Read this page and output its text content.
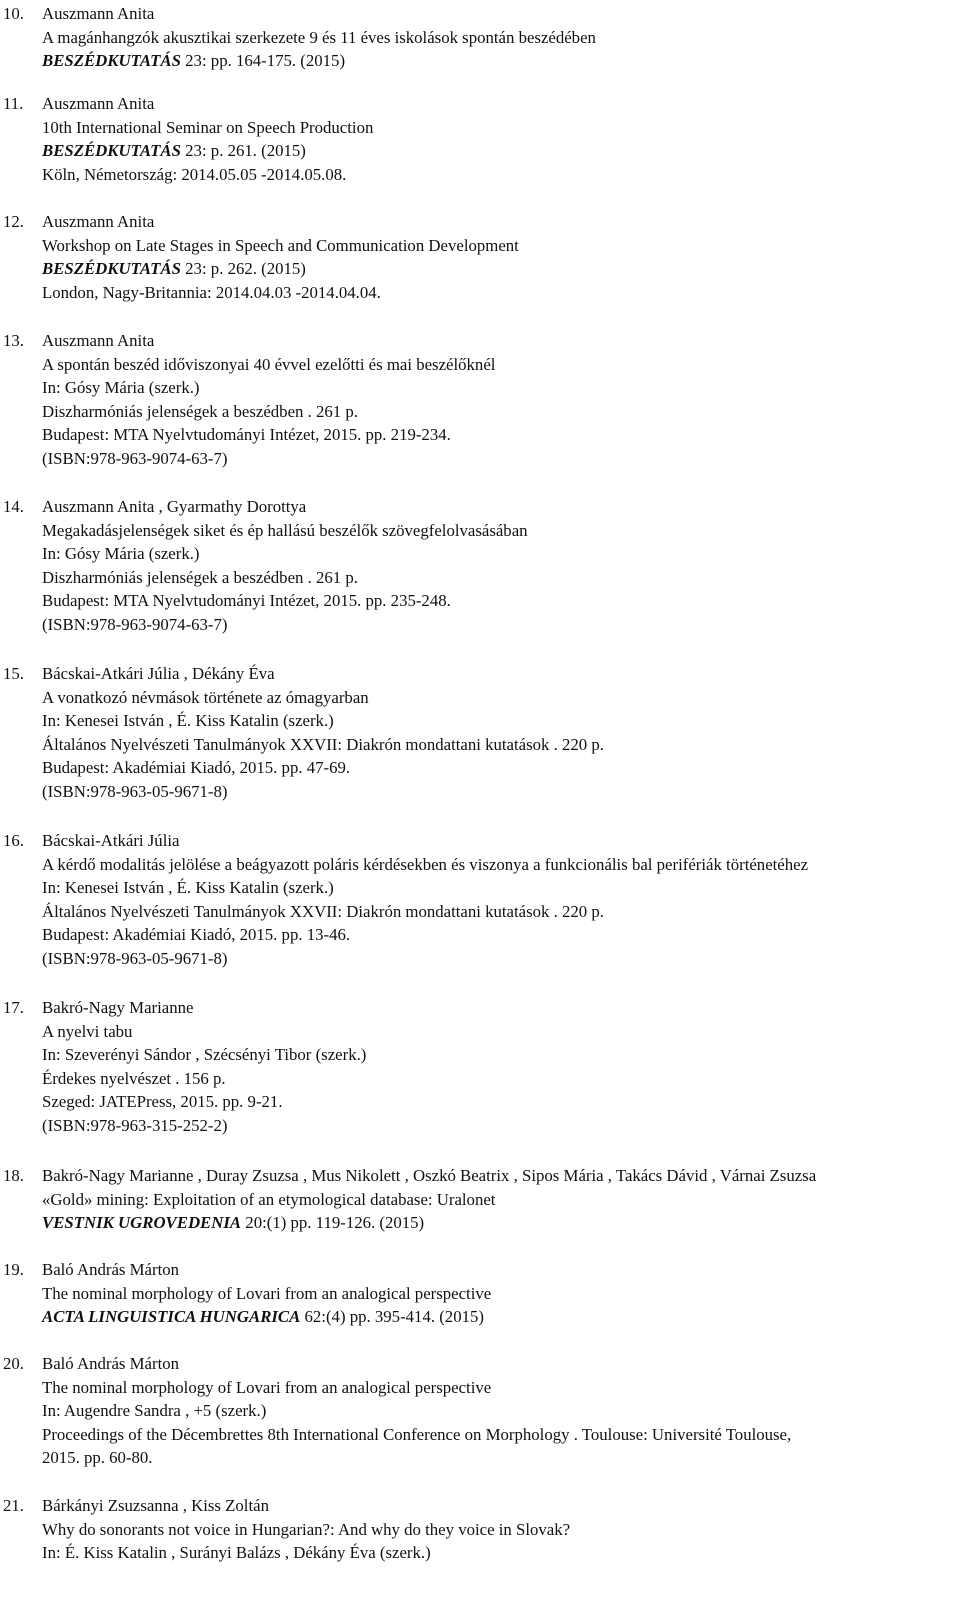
10.	Auszmann Anita
A magánhangzók akusztikai szerkezete 9 és 11 éves iskolások spontán beszédében
BESZÉDKUTATÁS 23: pp. 164-175. (2015)
11.	Auszmann Anita
10th International Seminar on Speech Production
BESZÉDKUTATÁS 23: p. 261. (2015)
Köln, Németország: 2014.05.05 -2014.05.08.
12.	Auszmann Anita
Workshop on Late Stages in Speech and Communication Development
BESZÉDKUTATÁS 23: p. 262. (2015)
London, Nagy-Britannia: 2014.04.03 -2014.04.04.
13.	Auszmann Anita
A spontán beszéd időviszonyai 40 évvel ezelőtti és mai beszélőknél
In: Gósy Mária (szerk.)
Diszharmóniás jelenségek a beszédben . 261 p.
Budapest: MTA Nyelvtudományi Intézet, 2015. pp. 219-234.
(ISBN:978-963-9074-63-7)
14.	Auszmann Anita , Gyarmathy Dorottya
Megakadásjelenségek siket és ép hallású beszélők szövegfelolvasásában
In: Gósy Mária (szerk.)
Diszharmóniás jelenségek a beszédben . 261 p.
Budapest: MTA Nyelvtudományi Intézet, 2015. pp. 235-248.
(ISBN:978-963-9074-63-7)
15.	Bácskai-Atkári Júlia , Dékány Éva
A vonatkozó névmások története az ómagyarban
In: Kenesei István , É. Kiss Katalin (szerk.)
Általános Nyelvészeti Tanulmányok XXVII: Diakrón mondattani kutatások . 220 p.
Budapest: Akadémiai Kiadó, 2015. pp. 47-69.
(ISBN:978-963-05-9671-8)
16.	Bácskai-Atkári Júlia
A kérdő modalitás jelölése a beágyazott poláris kérdésekben és viszonya a funkcionális bal perifériák történetéhez
In: Kenesei István , É. Kiss Katalin (szerk.)
Általános Nyelvészeti Tanulmányok XXVII: Diakrón mondattani kutatások . 220 p.
Budapest: Akadémiai Kiadó, 2015. pp. 13-46.
(ISBN:978-963-05-9671-8)
17.	Bakró-Nagy Marianne
A nyelvi tabu
In: Szeverényi Sándor , Szécsényi Tibor (szerk.)
Érdekes nyelvészet . 156 p.
Szeged: JATEPress, 2015. pp. 9-21.
(ISBN:978-963-315-252-2)
18.	Bakró-Nagy Marianne , Duray Zsuzsa , Mus Nikolett , Oszkó Beatrix , Sipos Mária , Takács Dávid , Várnai Zsuzsa
«Gold» mining: Exploitation of an etymological database: Uralonet
VESTNIK UGROVEDENIA 20:(1) pp. 119-126. (2015)
19.	Baló András Márton
The nominal morphology of Lovari from an analogical perspective
ACTA LINGUISTICA HUNGARICA 62:(4) pp. 395-414. (2015)
20.	Baló András Márton
The nominal morphology of Lovari from an analogical perspective
In: Augendre Sandra , +5 (szerk.)
Proceedings of the Décembrettes 8th International Conference on Morphology . Toulouse: Université Toulouse,
2015. pp. 60-80.
21.	Bárkányi Zsuzsanna , Kiss Zoltán
Why do sonorants not voice in Hungarian?: And why do they voice in Slovak?
In: É. Kiss Katalin , Surányi Balázs , Dékány Éva (szerk.)
